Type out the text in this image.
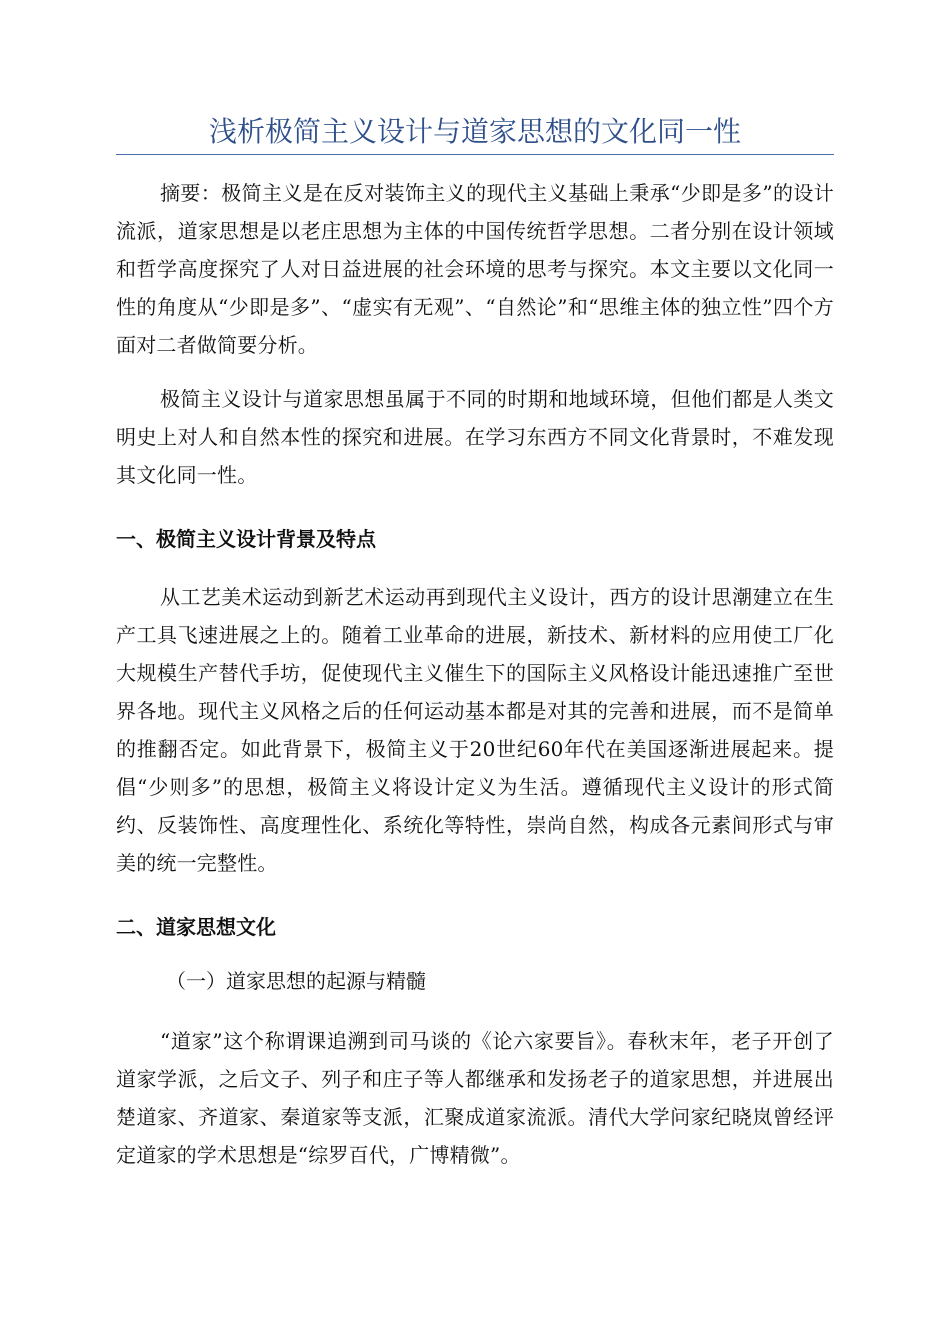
浅析极简主义设计与道家思想的文化同一性

摘要：极简主义是在反对装饰主义的现代主义基础上秉承“少即是多”的设计流派，道家思想是以老庄思想为主体的中国传统哲学思想。二者分别在设计领域和哲学高度探究了人对日益进展的社会环境的思考与探究。本文主要以文化同一性的角度从“少即是多”、“虚实有无观”、“自然论”和“思维主体的独立性”四个方面对二者做简要分析。

极简主义设计与道家思想虽属于不同的时期和地域环境，但他们都是人类文明史上对人和自然本性的探究和进展。在学习东西方不同文化背景时，不难发现其文化同一性。

一、极简主义设计背景及特点

从工艺美术运动到新艺术运动再到现代主义设计，西方的设计思潮建立在生产工具飞速进展之上的。随着工业革命的进展，新技术、新材料的应用使工厂化大规模生产替代手坊，促使现代主义催生下的国际主义风格设计能迅速推广至世界各地。现代主义风格之后的任何运动基本都是对其的完善和进展，而不是简单的推翻否定。如此背景下，极简主义于20世纪60年代在美国逐渐进展起来。提倡“少则多”的思想，极简主义将设计定义为生活。遵循现代主义设计的形式简约、反装饰性、高度理性化、系统化等特性，崇尚自然，构成各元素间形式与审美的统一完整性。

二、道家思想文化

（一）道家思想的起源与精髓

“道家”这个称谓课追溯到司马谈的《论六家要旨》。春秋末年，老子开创了道家学派，之后文子、列子和庄子等人都继承和发扬老子的道家思想，并进展出楚道家、齐道家、秦道家等支派，汇聚成道家流派。清代大学问家纪晓岚曾经评定道家的学术思想是“综罗百代，广博精微”。
